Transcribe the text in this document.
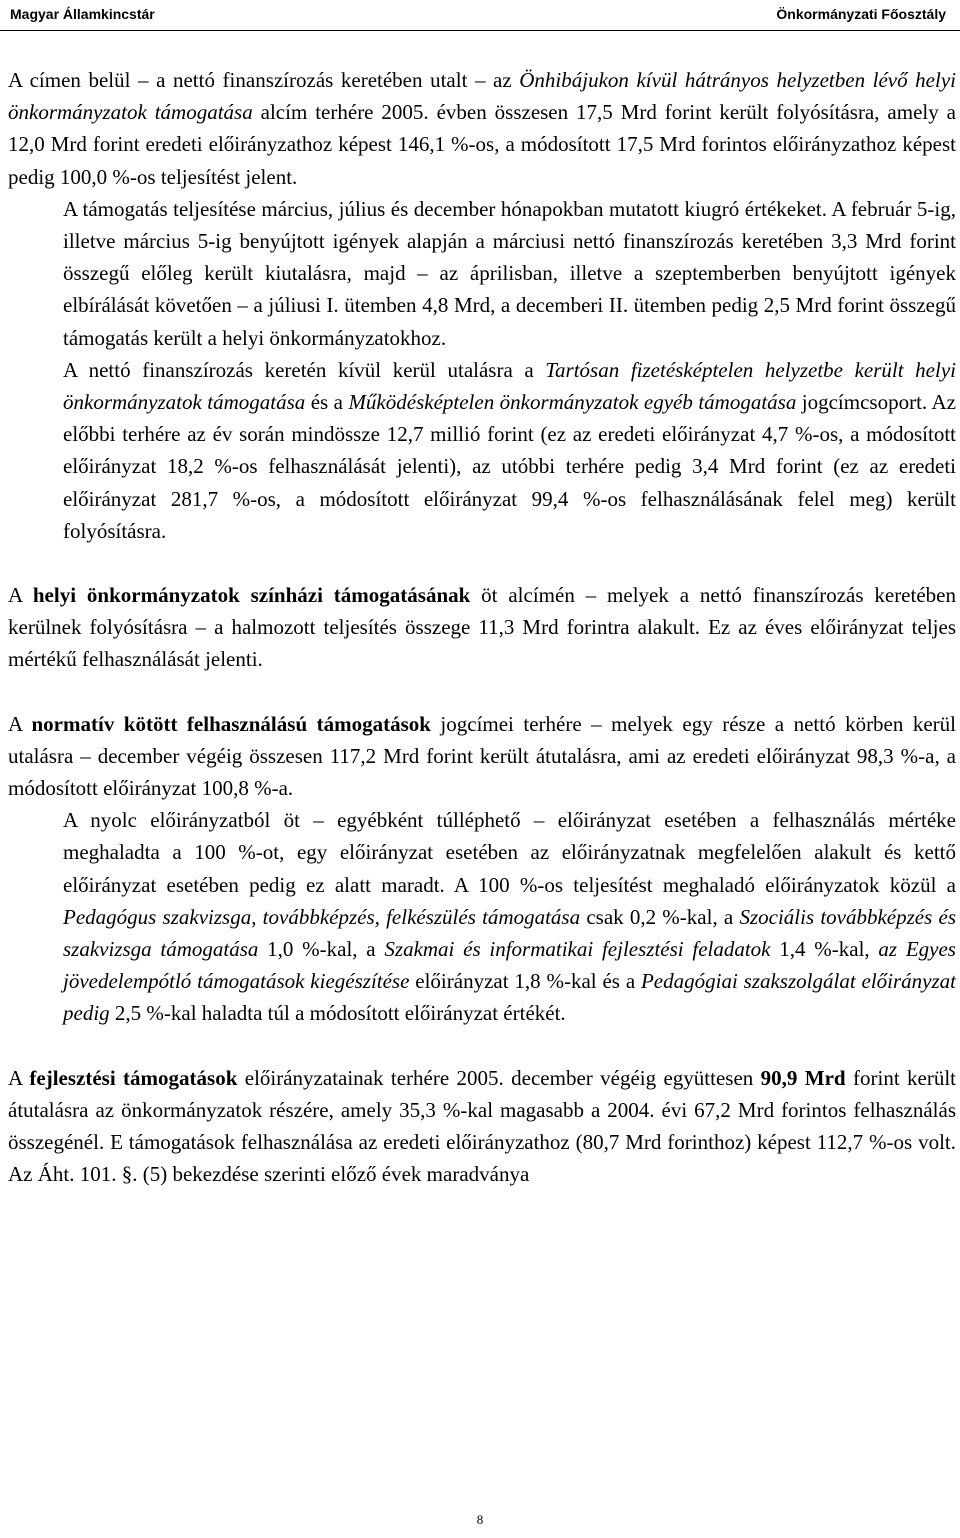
Magyar Államkincstár	Önkormányzati Főosztály

A címen belül – a nettó finanszírozás keretében utalt – az Önhibájukon kívül hátrányos helyzetben lévő helyi önkormányzatok támogatása alcím terhére 2005. évben összesen 17,5 Mrd forint került folyósításra, amely a 12,0 Mrd forint eredeti előirányzathoz képest 146,1 %-os, a módosított 17,5 Mrd forintos előirányzathoz képest pedig 100,0 %-os teljesítést jelent.

A támogatás teljesítése március, július és december hónapokban mutatott kiugró értékeket. A február 5-ig, illetve március 5-ig benyújtott igények alapján a márciusi nettó finanszírozás keretében 3,3 Mrd forint összegű előleg került kiutalásra, majd – az áprilisban, illetve a szeptemberben benyújtott igények elbírálását követően – a júliusi I. ütemben 4,8 Mrd, a decemberi II. ütemben pedig 2,5 Mrd forint összegű támogatás került a helyi önkormányzatokhoz.

A nettó finanszírozás keretén kívül kerül utalásra a Tartósan fizetésképtelen helyzetbe került helyi önkormányzatok támogatása és a Működésképtelen önkormányzatok egyéb támogatása jogcímcsoport. Az előbbi terhére az év során mindössze 12,7 millió forint (ez az eredeti előirányzat 4,7 %-os, a módosított előirányzat 18,2 %-os felhasználását jelenti), az utóbbi terhére pedig 3,4 Mrd forint (ez az eredeti előirányzat 281,7 %-os, a módosított előirányzat 99,4 %-os felhasználásának felel meg) került folyósításra.

A helyi önkormányzatok színházi támogatásának öt alcímén – melyek a nettó finanszírozás keretében kerülnek folyósításra – a halmozott teljesítés összege 11,3 Mrd forintra alakult. Ez az éves előirányzat teljes mértékű felhasználását jelenti.

A normatív kötött felhasználású támogatások jogcímei terhére – melyek egy része a nettó körben kerül utalásra – december végéig összesen 117,2 Mrd forint került átutalásra, ami az eredeti előirányzat 98,3 %-a, a módosított előirányzat 100,8 %-a.

A nyolc előirányzatból öt – egyébként túlléphető – előirányzat esetében a felhasználás mértéke meghaladta a 100 %-ot, egy előirányzat esetében az előirányzatnak megfelelően alakult és kettő előirányzat esetében pedig ez alatt maradt. A 100 %-os teljesítést meghaladó előirányzatok közül a Pedagógus szakvizsga, továbbképzés, felkészülés támogatása csak 0,2 %-kal, a Szociális továbbképzés és szakvizsga támogatása 1,0 %-kal, a Szakmai és informatikai fejlesztési feladatok 1,4 %-kal, az Egyes jövedelempótló támogatások kiegészítése előirányzat 1,8 %-kal és a Pedagógiai szakszolgálat előirányzat pedig 2,5 %-kal haladta túl a módosított előirányzat értékét.

A fejlesztési támogatások előirányzatainak terhére 2005. december végéig együttesen 90,9 Mrd forint került átutalásra az önkormányzatok részére, amely 35,3 %-kal magasabb a 2004. évi 67,2 Mrd forintos felhasználás összegénél. E támogatások felhasználása az eredeti előirányzathoz (80,7 Mrd forinthoz) képest 112,7 %-os volt. Az Áht. 101. §. (5) bekezdése szerinti előző évek maradványa

8
